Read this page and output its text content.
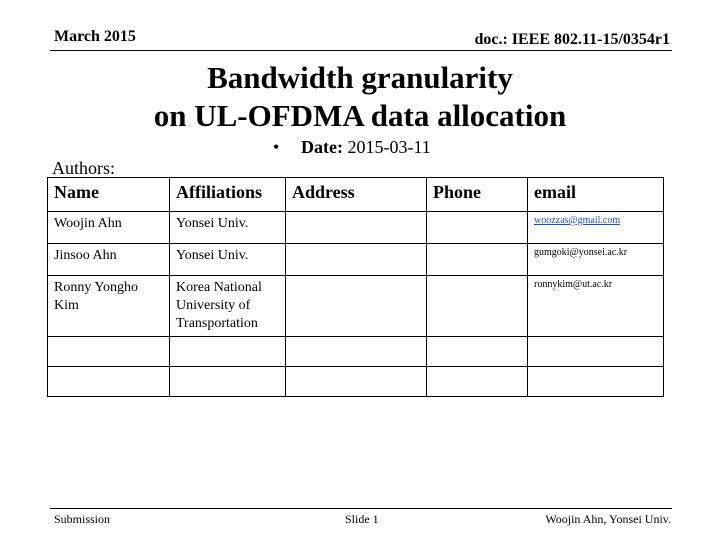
March 2015	doc.: IEEE 802.11-15/0354r1
Bandwidth granularity
on UL-OFDMA data allocation
• Date: 2015-03-11
Authors:
Name	Affiliations	Address	Phone	email
Woojin Ahn	Yonsei Univ.			woozzas@gmail.com
Jinsoo Ahn	Yonsei Univ.			gumgoki@yonsei.ac.kr
Ronny Yongho Kim	Korea National University of Transportation			ronnykim@ut.ac.kr

Submission	Slide 1	Woojin Ahn, Yonsei Univ.
